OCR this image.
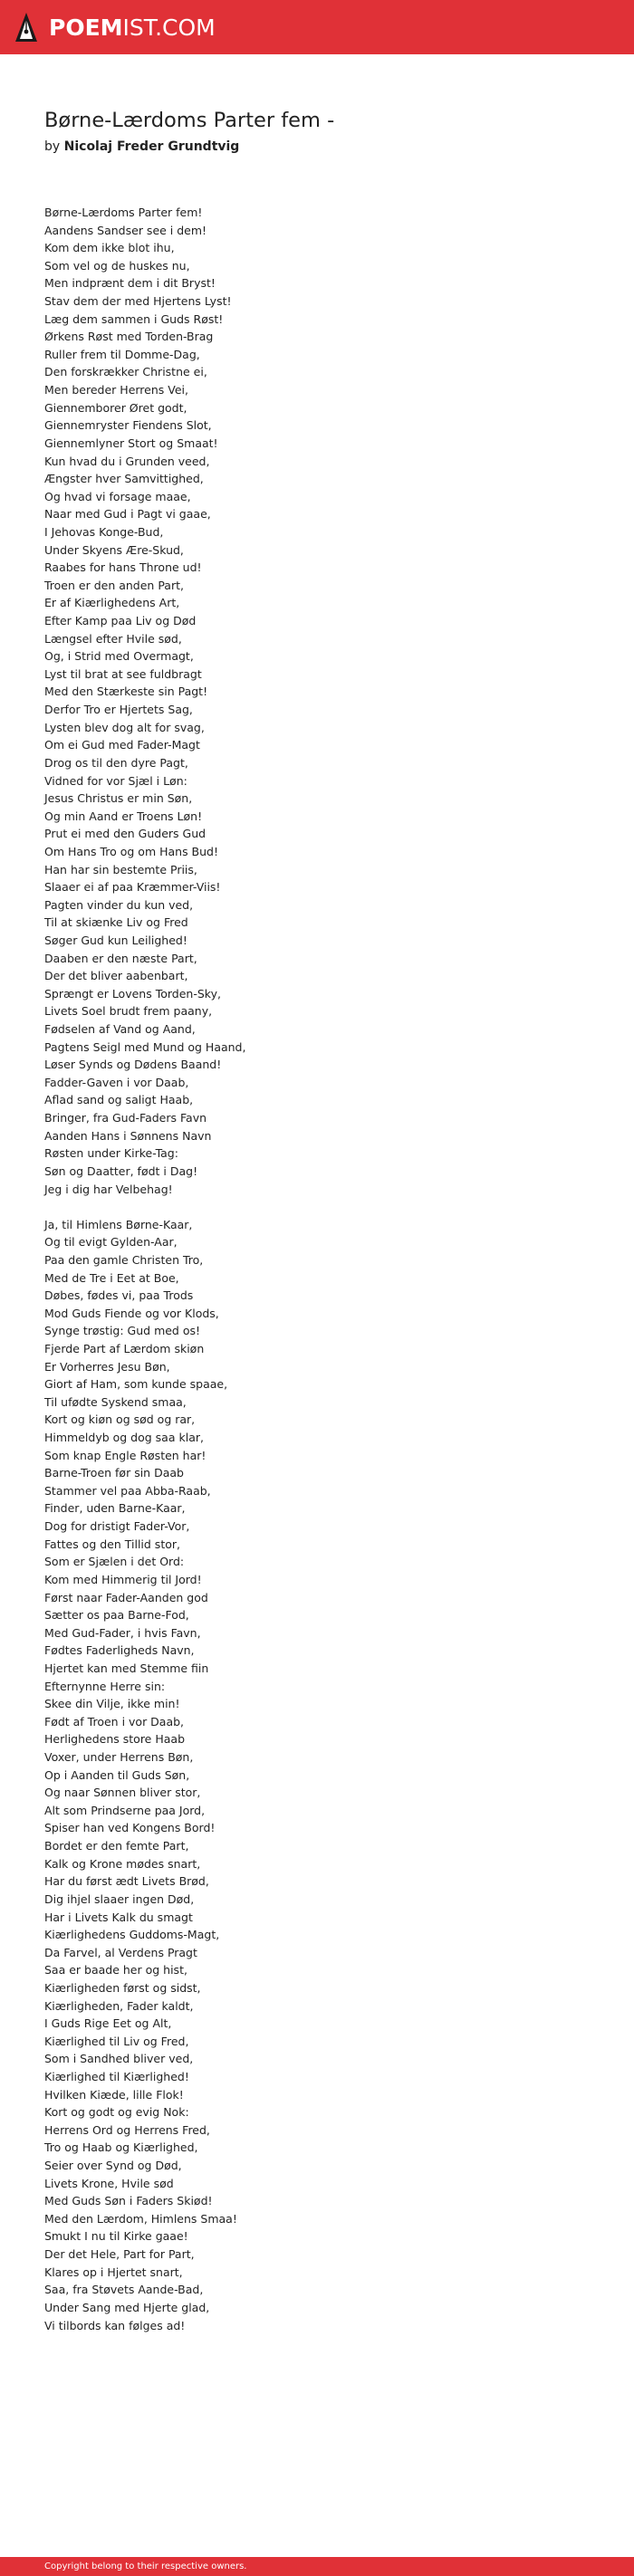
POEMIST.COM
Børne-Lærdoms Parter fem -
by Nicolaj Freder Grundtvig
Børne-Lærdoms Parter fem!
Aandens Sandser see i dem!
Kom dem ikke blot ihu,
Som vel og de huskes nu,
Men indprænt dem i dit Bryst!
Stav dem der med Hjertens Lyst!
Læg dem sammen i Guds Røst!
Ørkens Røst med Torden-Brag
Ruller frem til Domme-Dag,
Den forskrækker Christne ei,
Men bereder Herrens Vei,
Giennemborer Øret godt,
Giennemryster Fiendens Slot,
Giennemlyner Stort og Smaat!
Kun hvad du i Grunden veed,
Ængster hver Samvittighed,
Og hvad vi forsage maae,
Naar med Gud i Pagt vi gaae,
I Jehovas Konge-Bud,
Under Skyens Ære-Skud,
Raabes for hans Throne ud!
Troen er den anden Part,
Er af Kiærlighedens Art,
Efter Kamp paa Liv og Død
Længsel efter Hvile sød,
Og, i Strid med Overmagt,
Lyst til brat at see fuldbragt
Med den Stærkeste sin Pagt!
Derfor Tro er Hjertets Sag,
Lysten blev dog alt for svag,
Om ei Gud med Fader-Magt
Drog os til den dyre Pagt,
Vidned for vor Sjæl i Løn:
Jesus Christus er min Søn,
Og min Aand er Troens Løn!
Prut ei med den Guders Gud
Om Hans Tro og om Hans Bud!
Han har sin bestemte Priis,
Slaaer ei af paa Kræmmer-Viis!
Pagten vinder du kun ved,
Til at skiænke Liv og Fred
Søger Gud kun Leilighed!
Daaben er den næste Part,
Der det bliver aabenbart,
Sprængt er Lovens Torden-Sky,
Livets Soel brudt frem paany,
Fødselen af Vand og Aand,
Pagtens Seigl med Mund og Haand,
Løser Synds og Dødens Baand!
Fadder-Gaven i vor Daab,
Aflad sand og saligt Haab,
Bringer, fra Gud-Faders Favn
Aanden Hans i Sønnens Navn
Røsten under Kirke-Tag:
Søn og Daatter, født i Dag!
Jeg i dig har Velbehag!
Ja, til Himlens Børne-Kaar,
Og til evigt Gylden-Aar,
Paa den gamle Christen Tro,
Med de Tre i Eet at Boe,
Døbes, fødes vi, paa Trods
Mod Guds Fiende og vor Klods,
Synge trøstig: Gud med os!
Fjerde Part af Lærdom skiøn
Er Vorherres Jesu Bøn,
Giort af Ham, som kunde spaae,
Til ufødte Syskend smaa,
Kort og kiøn og sød og rar,
Himmeldyb og dog saa klar,
Som knap Engle Røsten har!
Barne-Troen før sin Daab
Stammer vel paa Abba-Raab,
Finder, uden Barne-Kaar,
Dog for dristigt Fader-Vor,
Fattes og den Tillid stor,
Som er Sjælen i det Ord:
Kom med Himmerig til Jord!
Først naar Fader-Aanden god
Sætter os paa Barne-Fod,
Med Gud-Fader, i hvis Favn,
Fødtes Faderligheds Navn,
Hjertet kan med Stemme fiin
Efternynne Herre sin:
Skee din Vilje, ikke min!
Født af Troen i vor Daab,
Herlighedens store Haab
Voxer, under Herrens Bøn,
Op i Aanden til Guds Søn,
Og naar Sønnen bliver stor,
Alt som Prindserne paa Jord,
Spiser han ved Kongens Bord!
Bordet er den femte Part,
Kalk og Krone mødes snart,
Har du først ædt Livets Brød,
Dig ihjel slaaer ingen Død,
Har i Livets Kalk du smagt
Kiærlighedens Guddoms-Magt,
Da Farvel, al Verdens Pragt
Saa er baade her og hist,
Kiærligheden først og sidst,
Kiærligheden, Fader kaldt,
I Guds Rige Eet og Alt,
Kiærlighed til Liv og Fred,
Som i Sandhed bliver ved,
Kiærlighed til Kiærlighed!
Hvilken Kiæde, lille Flok!
Kort og godt og evig Nok:
Herrens Ord og Herrens Fred,
Tro og Haab og Kiærlighed,
Seier over Synd og Død,
Livets Krone, Hvile sød
Med Guds Søn i Faders Skiød!
Med den Lærdom, Himlens Smaa!
Smukt I nu til Kirke gaae!
Der det Hele, Part for Part,
Klares op i Hjertet snart,
Saa, fra Støvets Aande-Bad,
Under Sang med Hjerte glad,
Vi tilbords kan følges ad!
Copyright belong to their respective owners.
